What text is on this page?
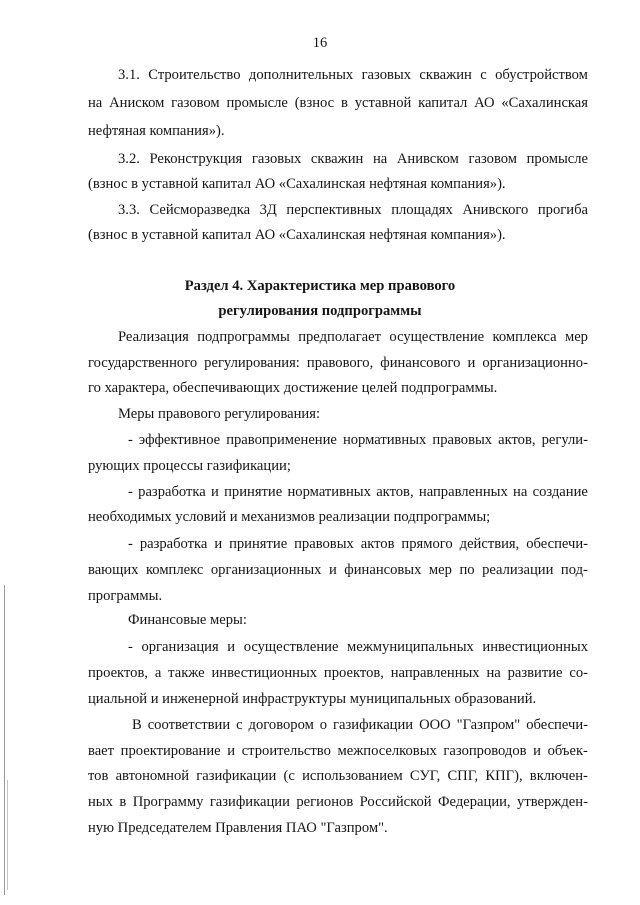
16
3.1. Строительство дополнительных газовых скважин с обустройством
на Аниском газовом промысле (взнос в уставной капитал АО «Сахалинская
нефтяная компания»).
3.2. Реконструкция газовых скважин на Анивском газовом промысле
(взнос в уставной капитал АО «Сахалинская нефтяная компания»).
3.3. Сейсморазведка 3Д перспективных площадях Анивского прогиба
(взнос в уставной капитал АО «Сахалинская нефтяная компания»).
Раздел 4. Характеристика мер правового
регулирования подпрограммы
Реализация подпрограммы предполагает осуществление комплекса мер
государственного регулирования: правового, финансового и организационно-
го характера, обеспечивающих достижение целей подпрограммы.
Меры правового регулирования:
- эффективное правоприменение нормативных правовых актов, регули-
рующих процессы газификации;
- разработка и принятие нормативных актов, направленных на создание
необходимых условий и механизмов реализации подпрограммы;
- разработка и принятие правовых актов прямого действия, обеспечи-
вающих комплекс организационных и финансовых мер по реализации под-
программы.
Финансовые меры:
- организация и осуществление межмуниципальных инвестиционных
проектов, а также инвестиционных проектов, направленных на развитие со-
циальной и инженерной инфраструктуры муниципальных образований.
В соответствии с договором о газификации ООО "Газпром" обеспечи-
вает проектирование и строительство межпоселковых газопроводов и объек-
тов автономной газификации (с использованием СУГ, СПГ, КПГ), включен-
ных в Программу газификации регионов Российской Федерации, утвержден-
ную Председателем Правления ПАО "Газпром".
